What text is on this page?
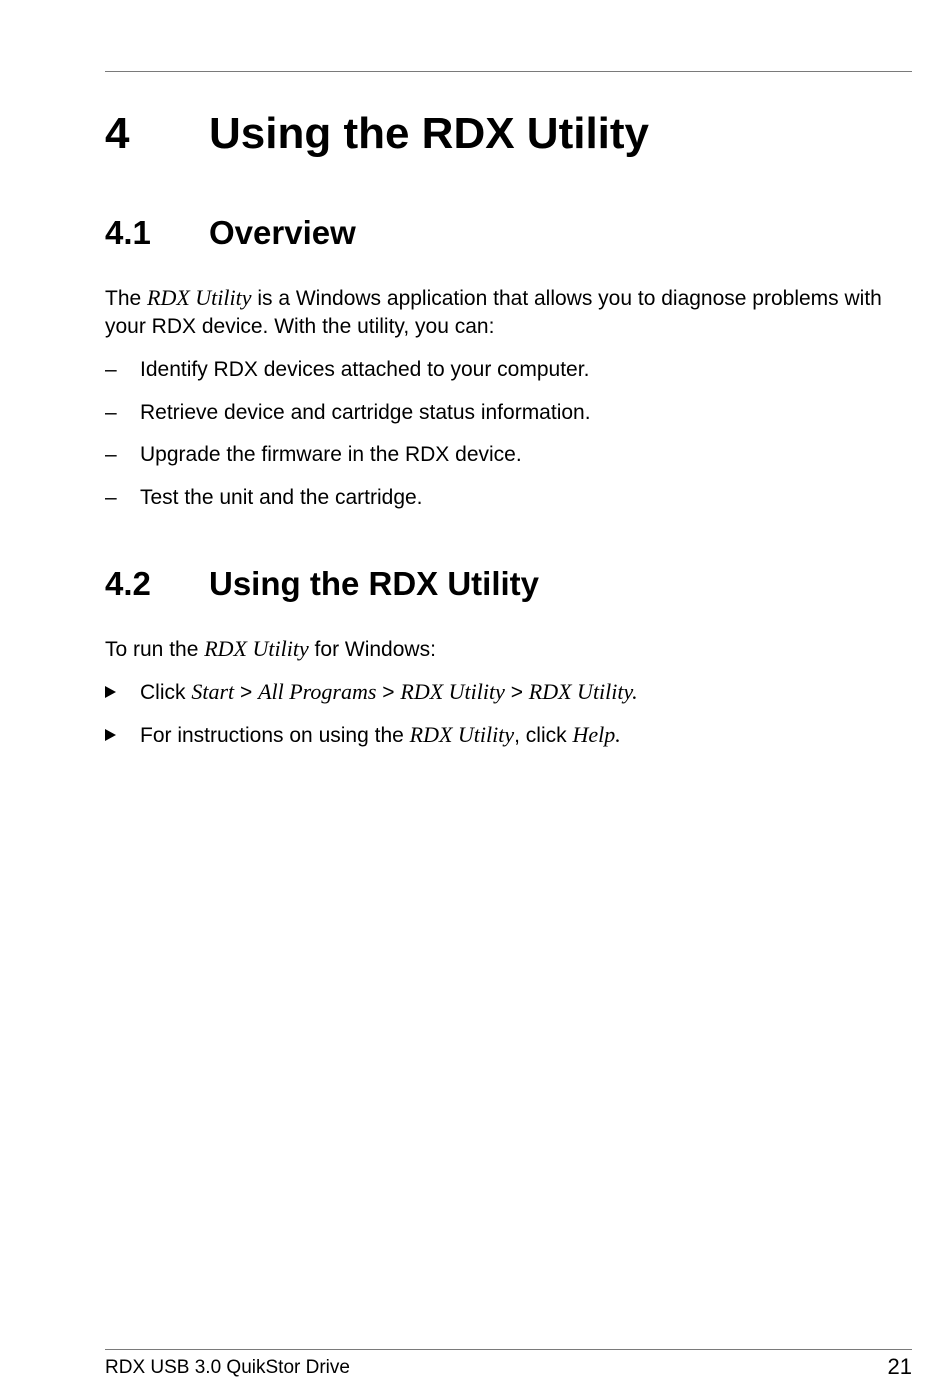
4 Using the RDX Utility
4.1 Overview
The RDX Utility is a Windows application that allows you to diagnose problems with your RDX device. With the utility, you can:
–	Identify RDX devices attached to your computer.
–	Retrieve device and cartridge status information.
–	Upgrade the firmware in the RDX device.
–	Test the unit and the cartridge.
4.2 Using the RDX Utility
To run the RDX Utility for Windows:
Click Start > All Programs > RDX Utility > RDX Utility.
For instructions on using the RDX Utility, click Help.
RDX USB 3.0 QuikStor Drive	21
